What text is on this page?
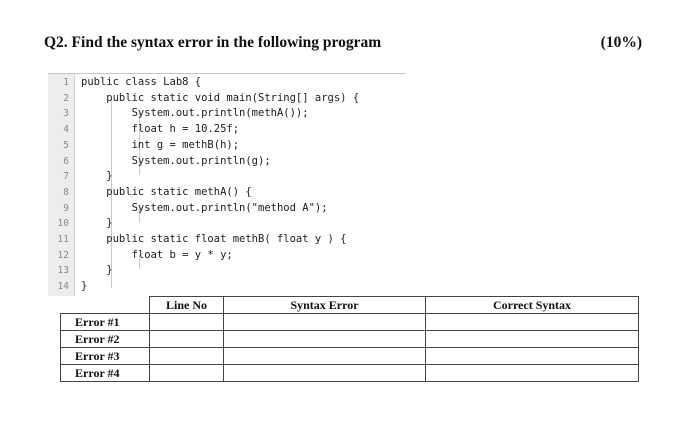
Q2. Find the syntax error in the following program	(10%)
1 public class Lab8 {
2 public static void main(String[] args) {
3 System.out.println(methA());
4 float h = 10.25f;
5 int g = methB(h);
6 System.out.println(g);
7 }
8 public static methA() {
9 System.out.println("method A");
10 }
11 public static float methB( float y ) {
12 float b = y * y;
13 }
14 }
	Line No	Syntax Error	Correct Syntax
Error #1			
Error #2			
Error #3			
Error #4			
